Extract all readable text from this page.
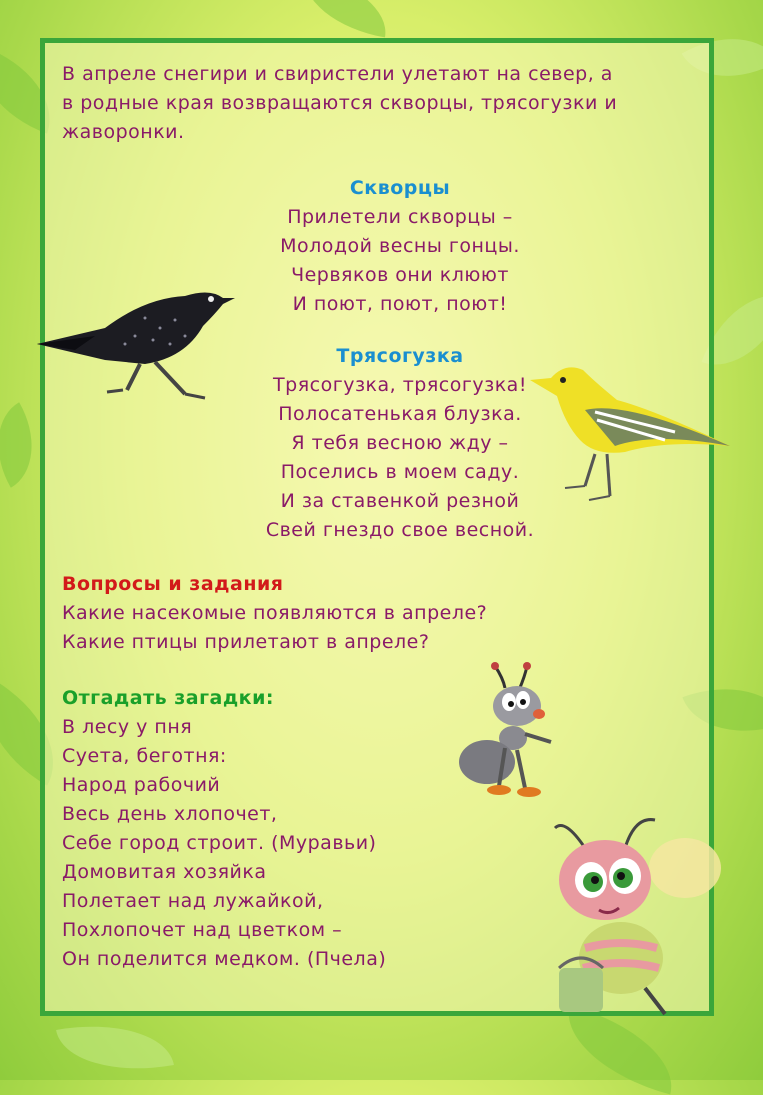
В апреле снегири и свиристели улетают на север, а
в родные края возвращаются скворцы, трясогузки и
жаворонки.
Скворцы
Прилетели скворцы –
Молодой весны гонцы.
Червяков они клюют
И поют, поют, поют!
Трясогузка
Трясогузка, трясогузка!
Полосатенькая блузка.
Я тебя весною жду –
Поселись в моем саду.
И за ставенкой резной
Свей гнездо свое весной.
Вопросы и задания
Какие насекомые появляются в апреле?
Какие птицы прилетают в апреле?
Отгадать загадки:
В лесу у пня
Суета, беготня:
Народ рабочий
Весь день хлопочет,
Себе город строит. (Муравьи)
Домовитая хозяйка
Полетает над лужайкой,
Похлопочет над цветком –
Он поделится медком. (Пчела)
